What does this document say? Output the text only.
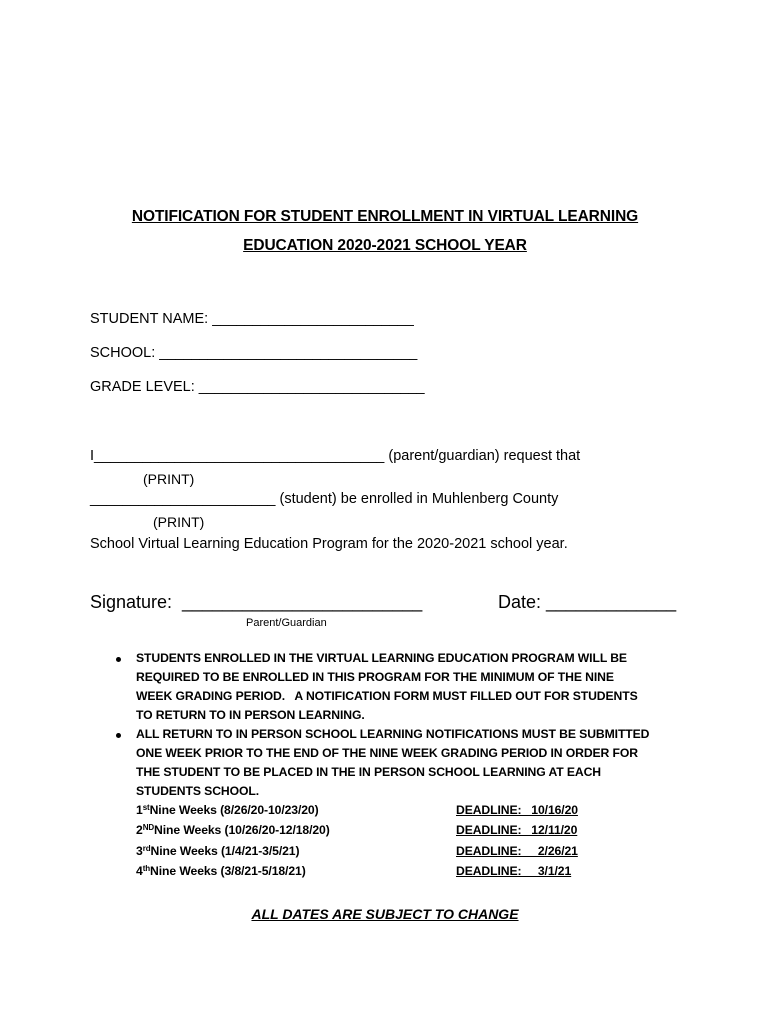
NOTIFICATION FOR STUDENT ENROLLMENT IN VIRTUAL LEARNING
EDUCATION 2020-2021 SCHOOL YEAR
STUDENT NAME: _________________________
SCHOOL: ________________________________
GRADE LEVEL: ____________________________
I____________________________________ (parent/guardian) request that
(PRINT)
_______________________ (student) be enrolled in Muhlenberg County
(PRINT)
School Virtual Learning Education Program for the 2020-2021 school year.
Signature:  ________________________
Parent/Guardian
Date: _____________
STUDENTS ENROLLED IN THE VIRTUAL LEARNING EDUCATION PROGRAM WILL BE
REQUIRED TO BE ENROLLED IN THIS PROGRAM FOR THE MINIMUM OF THE NINE
WEEK GRADING PERIOD.   A NOTIFICATION FORM MUST FILLED OUT FOR STUDENTS
TO RETURN TO IN PERSON LEARNING.
ALL RETURN TO IN PERSON SCHOOL LEARNING NOTIFICATIONS MUST BE SUBMITTED
ONE WEEK PRIOR TO THE END OF THE NINE WEEK GRADING PERIOD IN ORDER FOR
THE STUDENT TO BE PLACED IN THE IN PERSON SCHOOL LEARNING AT EACH
STUDENTS SCHOOL.
1stNine Weeks (8/26/20-10/23/20)	DEADLINE:   10/16/20
2NDNine Weeks (10/26/20-12/18/20)	DEADLINE:   12/11/20
3rdNine Weeks (1/4/21-3/5/21)	DEADLINE:     2/26/21
4thNine Weeks (3/8/21-5/18/21)	DEADLINE:     3/1/21
ALL DATES ARE SUBJECT TO CHANGE
